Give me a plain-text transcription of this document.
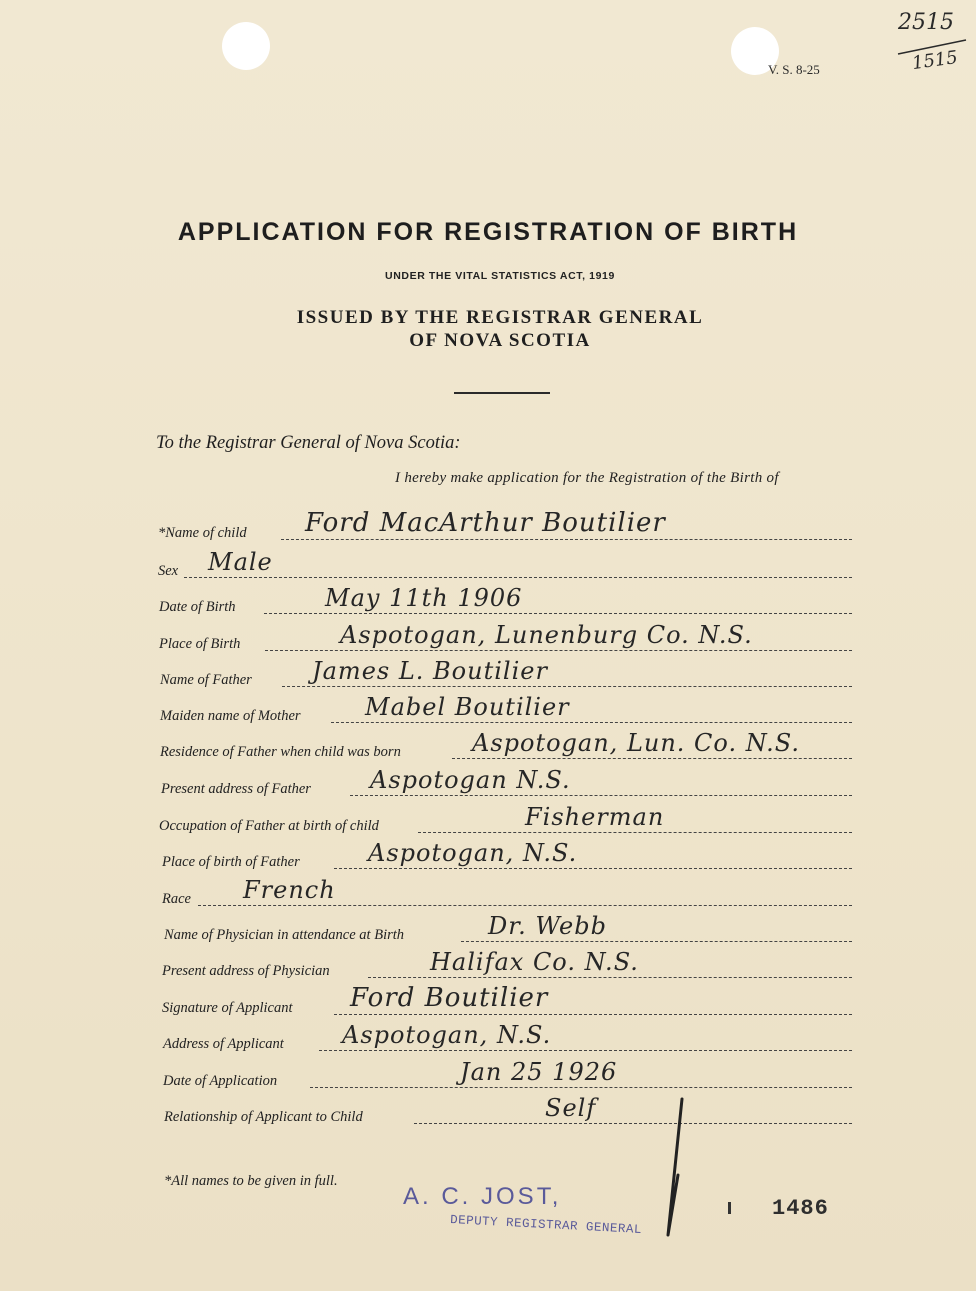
2515
1515
V. S. 8-25
APPLICATION FOR REGISTRATION OF BIRTH
UNDER THE VITAL STATISTICS ACT, 1919
ISSUED BY THE REGISTRAR GENERAL
OF NOVA SCOTIA
To the Registrar General of Nova Scotia:
I hereby make application for the Registration of the Birth of
*Name of child Ford MacArthur Boutilier
Sex Male
Date of Birth	May 11th 1906
Place of Birth	Aspotogan, Lunenburg Co. N.S.
Name of Father	James L. Boutilier
Maiden name of Mother	Mabel Boutilier
Residence of Father when child was born	Aspotogan, Lun. Co. N.S.
Present address of Father Aspotogan N.S.
Occupation of Father at birth of child	Fisherman
Place of birth of Father	Aspotogan, N.S.
Race French
Name of Physician in attendance at Birth	Dr. Webb
Present address of Physician	Halifax Co. N.S.
Signature of Applicant Ford Boutilier
Address of Applicant Aspotogan, N.S.
Date of Application	Jan 25 1926
Relationship of Applicant to Child	Self
*All names to be given in full.
A. C. JOST,
DEPUTY REGISTRAR GENERAL
1486
